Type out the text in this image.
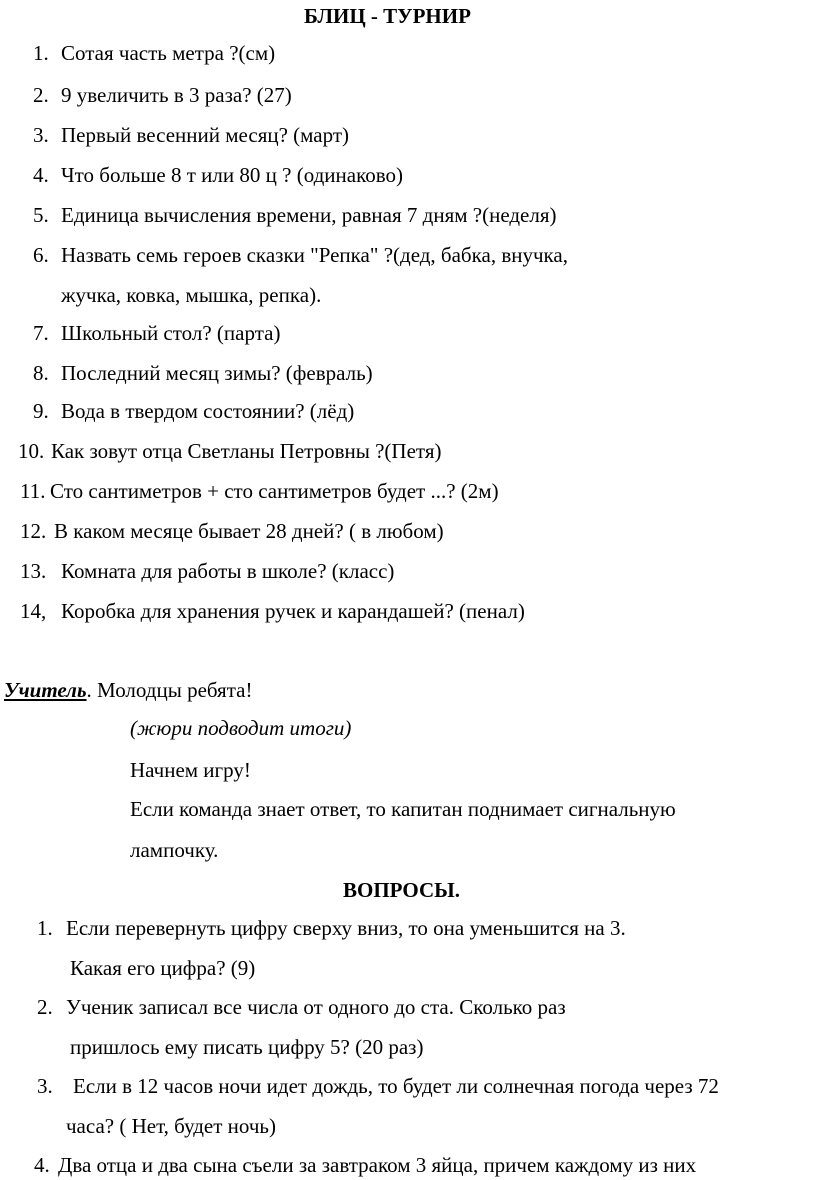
БЛИЦ - ТУРНИР
1. Сотая часть метра ?(см)
2. 9 увеличить в 3 раза? (27)
3. Первый весенний месяц? (март)
4. Что больше 8 т или 80 ц ? (одинаково)
5. Единица вычисления времени, равная 7 дням ?(неделя)
6. Назвать семь героев сказки "Репка" ?(дед, бабка, внучка,
жучка, ковка, мышка, репка).
7. Школьный стол? (парта)
8. Последний месяц зимы? (февраль)
9. Вода в твердом состоянии? (лёд)
10. Как зовут отца Светланы Петровны ?(Петя)
11. Сто сантиметров + сто сантиметров будет ...? (2м)
12. В каком месяце бывает 28 дней? ( в любом)
13. Комната для работы в школе? (класс)
14, Коробка для хранения ручек и карандашей? (пенал)
Учитель. Молодцы ребята!
(жюри подводит итоги)
Начнем игру!
Если команда знает ответ, то капитан поднимает сигнальную
лампочку.
ВОПРОСЫ.
1. Если перевернуть цифру сверху вниз, то она уменьшится на 3.
Какая его цифра? (9)
2. Ученик записал все числа от одного до ста. Сколько раз
пришлось ему писать цифру 5? (20 раз)
3. Если в 12 часов ночи идет дождь, то будет ли солнечная погода через 72
часа? ( Нет, будет ночь)
4. Два отца и два сына съели за завтраком 3 яйца, причем каждому из них
